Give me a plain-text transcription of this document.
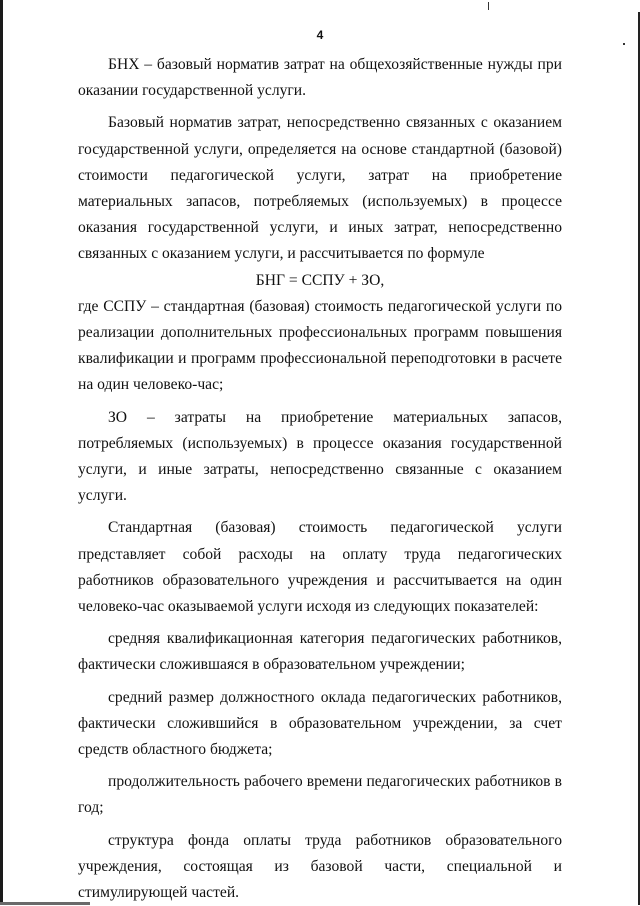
4

БНХ – базовый норматив затрат на общехозяйственные нужды при оказании государственной услуги.

Базовый норматив затрат, непосредственно связанных с оказанием государственной услуги, определяется на основе стандартной (базовой) стоимости педагогической услуги, затрат на приобретение материальных запасов, потребляемых (используемых) в процессе оказания государственной услуги, и иных затрат, непосредственно связанных с оказанием услуги, и рассчитывается по формуле

БНГ = ССПУ + ЗО,

где ССПУ – стандартная (базовая) стоимость педагогической услуги по реализации дополнительных профессиональных программ повышения квалификации и программ профессиональной переподготовки в расчете на один человеко-час;

ЗО – затраты на приобретение материальных запасов, потребляемых (используемых) в процессе оказания государственной услуги, и иные затраты, непосредственно связанные с оказанием услуги.

Стандартная (базовая) стоимость педагогической услуги представляет собой расходы на оплату труда педагогических работников образовательного учреждения и рассчитывается на один человеко-час оказываемой услуги исходя из следующих показателей:

средняя квалификационная категория педагогических работников, фактически сложившаяся в образовательном учреждении;

средний размер должностного оклада педагогических работников, фактически сложившийся в образовательном учреждении, за счет средств областного бюджета;

продолжительность рабочего времени педагогических работников в год;

структура фонда оплаты труда работников образовательного учреждения, состоящая из базовой части, специальной и стимулирующей частей.
